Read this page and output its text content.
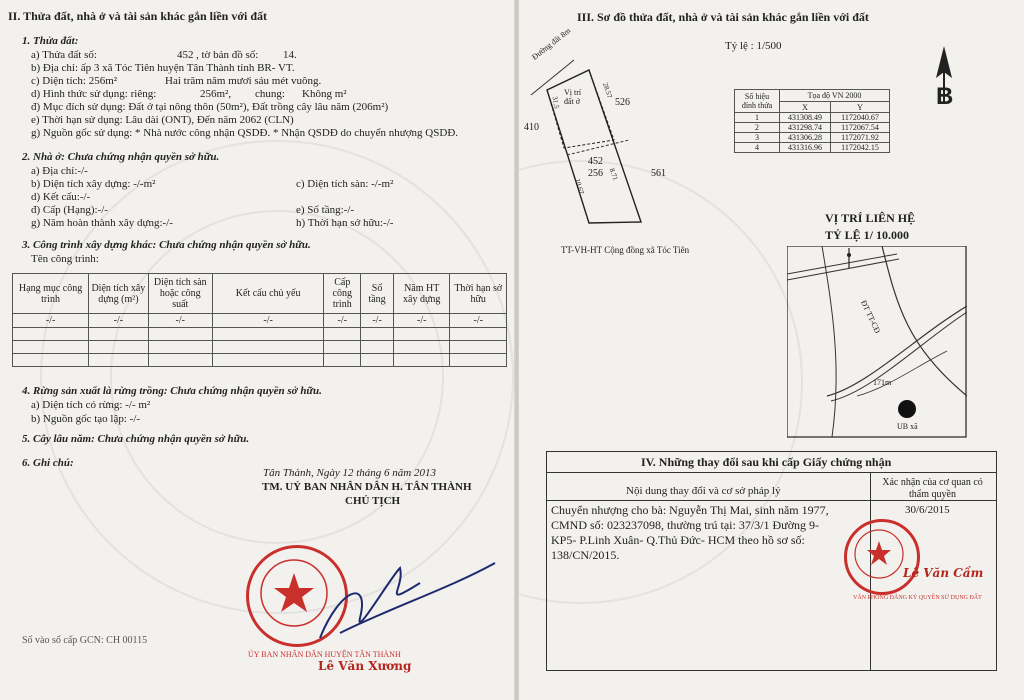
II. Thửa đất, nhà ở và tài sản khác gắn liền với đất
1. Thửa đất:
a) Thửa đất số:	452 , tờ bản đồ số: 14.
b) Địa chỉ: ấp 3 xã Tóc Tiên huyện Tân Thành tỉnh BR- VT.
c) Diện tích: 256m²	Hai trăm năm mươi sáu mét vuông.
d) Hình thức sử dụng: riêng:	256m², chung: Không m²
đ) Mục đích sử dụng: Đất ở tại nông thôn (50m²), Đất trồng cây lâu năm (206m²)
e) Thời hạn sử dụng: Lâu dài (ONT), Đến năm 2062 (CLN)
g) Nguồn gốc sử dụng: * Nhà nước công nhận QSDĐ. * Nhận QSDĐ do chuyển nhượng QSDĐ.
2. Nhà ở: Chưa chứng nhận quyền sở hữu.
a) Địa chỉ:-/-
b) Diện tích xây dựng: -/-m²	c) Diện tích sàn: -/-m²
d) Kết cấu:-/-
đ) Cấp (Hạng):-/-	e) Số tầng:-/-
g) Năm hoàn thành xây dựng:-/-	h) Thời hạn sở hữu:-/-
3. Công trình xây dựng khác: Chưa chứng nhận quyền sở hữu.
Tên công trình:
Hạng mục công trình	Diện tích xây dựng (m²)	Diện tích sàn hoặc công suất	Kết cấu chủ yếu	Cấp công trình	Số tầng	Năm HT xây dựng	Thời hạn sở hữu
-/-	-/-	-/-	-/-	-/-	-/-	-/-	-/-

4. Rừng sản xuất là rừng trồng: Chưa chứng nhận quyền sở hữu.
a) Diện tích có rừng: -/- m²
b) Nguồn gốc tạo lập: -/-
5. Cây lâu năm: Chưa chứng nhận quyền sở hữu.
6. Ghi chú:
Tân Thành, Ngày 12 tháng 6 năm 2013
TM. UỶ BAN NHÂN DÂN H. TÂN THÀNH
CHỦ TỊCH
ỦY BAN NHÂN DÂN HUYỆN TÂN THÀNH
Lê Văn Xương
Số vào sổ cấp GCN: CH 00115
III. Sơ đồ thửa đất, nhà ở và tài sản khác gắn liền với đất
Tỷ lệ : 1/500
B
Số hiệu đỉnh thửa	Tọa độ VN 2000	
	X	Y
1	431308.49	1172040.67
2	431298.74	1172067.54
3	431306.28	1172071.92
4	431316.96	1172042.15
Đường đất 8m
Vị trí đất ở	526
410
561
452
256
31.5
28.57
8.71
10.67
TT-VH-HT Cộng đồng xã Tóc Tiên
VỊ TRÍ LIÊN HỆ
TỶ LỆ 1/ 10.000
ĐT TT-CĐ
171m
UB xã
IV. Những thay đổi sau khi cấp Giấy chứng nhận
Nội dung thay đổi và cơ sở pháp lý
Xác nhận của cơ quan có thẩm quyền
Chuyển nhượng cho bà: Nguyễn Thị Mai, sinh năm 1977, CMND số: 023237098, thường trú tại: 37/3/1 Đường 9- KP5- P.Linh Xuân- Q.Thủ Đức- HCM theo hồ sơ số: 138/CN/2015.
30/6/2015
VĂN PHÒNG ĐĂNG KÝ QUYỀN SỬ DỤNG ĐẤT
Lê Văn Cầm
